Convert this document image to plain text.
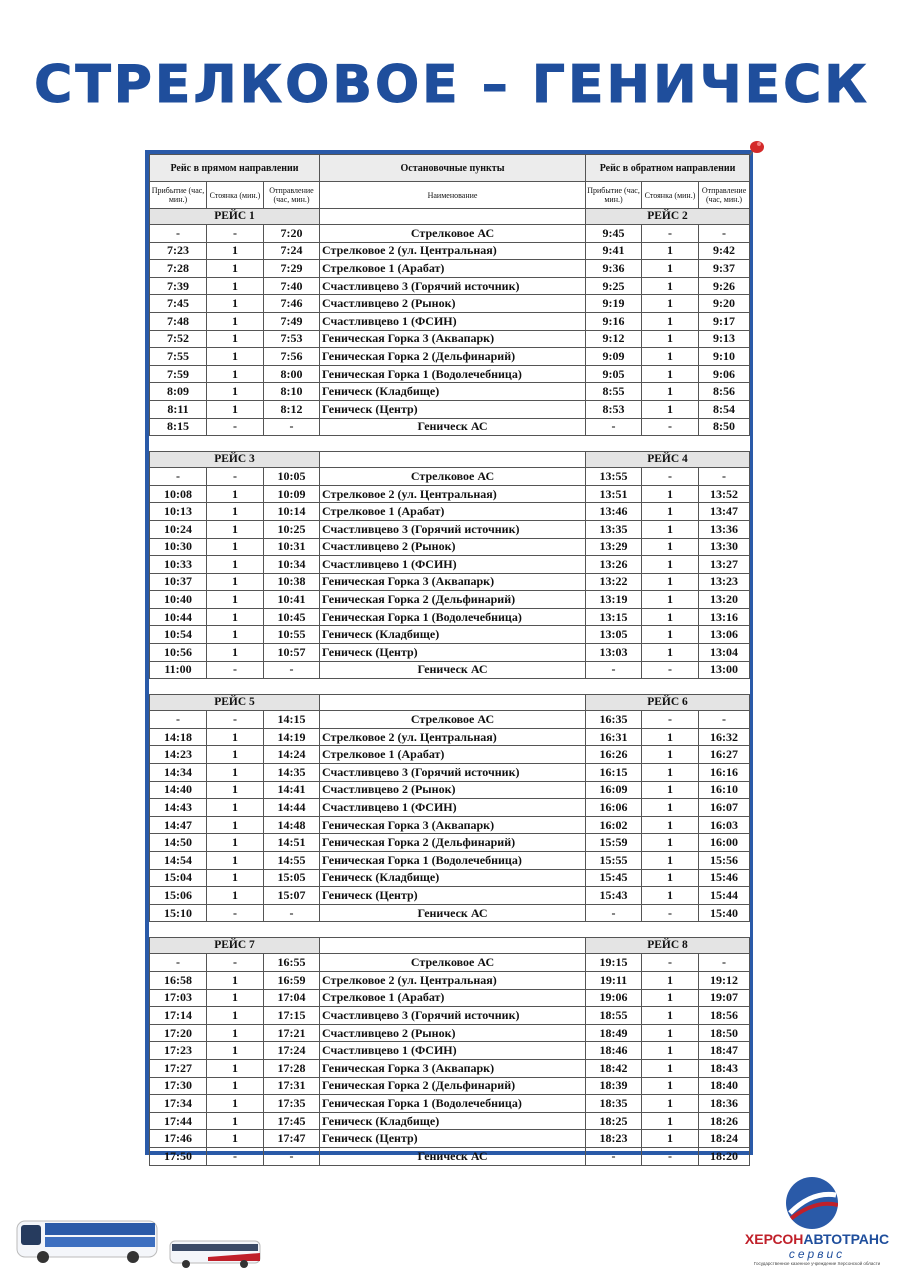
СТРЕЛКОВОЕ – ГЕНИЧЕСК
Рейс в прямом направлении			Остановочные пункты	Рейс в обратном направлении		
Прибытие (час, мин.)	Стоянка (мин.)	Отправление (час, мин.)	Наименование	Прибытие (час, мин.)	Стоянка (мин.)	Отправление (час, мин.)
РЕЙС 1				РЕЙС 2		
-	-	7:20	Стрелковое АС	9:45	-	-
7:23	1	7:24	Стрелковое 2 (ул. Центральная)	9:41	1	9:42
7:28	1	7:29	Стрелковое 1 (Арабат)	9:36	1	9:37
7:39	1	7:40	Счастливцево 3 (Горячий источник)	9:25	1	9:26
7:45	1	7:46	Счастливцево 2 (Рынок)	9:19	1	9:20
7:48	1	7:49	Счастливцево 1 (ФСИН)	9:16	1	9:17
7:52	1	7:53	Геническая Горка 3 (Аквапарк)	9:12	1	9:13
7:55	1	7:56	Геническая Горка 2 (Дельфинарий)	9:09	1	9:10
7:59	1	8:00	Геническая Горка 1 (Водолечебница)	9:05	1	9:06
8:09	1	8:10	Геническ (Кладбище)	8:55	1	8:56
8:11	1	8:12	Геническ (Центр)	8:53	1	8:54
8:15	-	-	Геническ АС	-	-	8:50

РЕЙС 3				РЕЙС 4		
-	-	10:05	Стрелковое АС	13:55	-	-
10:08	1	10:09	Стрелковое 2 (ул. Центральная)	13:51	1	13:52
10:13	1	10:14	Стрелковое 1 (Арабат)	13:46	1	13:47
10:24	1	10:25	Счастливцево 3 (Горячий источник)	13:35	1	13:36
10:30	1	10:31	Счастливцево 2 (Рынок)	13:29	1	13:30
10:33	1	10:34	Счастливцево 1 (ФСИН)	13:26	1	13:27
10:37	1	10:38	Геническая Горка 3 (Аквапарк)	13:22	1	13:23
10:40	1	10:41	Геническая Горка 2 (Дельфинарий)	13:19	1	13:20
10:44	1	10:45	Геническая Горка 1 (Водолечебница)	13:15	1	13:16
10:54	1	10:55	Геническ (Кладбище)	13:05	1	13:06
10:56	1	10:57	Геническ (Центр)	13:03	1	13:04
11:00	-	-	Геническ АС	-	-	13:00

РЕЙС 5				РЕЙС 6		
-	-	14:15	Стрелковое АС	16:35	-	-
14:18	1	14:19	Стрелковое 2 (ул. Центральная)	16:31	1	16:32
14:23	1	14:24	Стрелковое 1 (Арабат)	16:26	1	16:27
14:34	1	14:35	Счастливцево 3 (Горячий источник)	16:15	1	16:16
14:40	1	14:41	Счастливцево 2 (Рынок)	16:09	1	16:10
14:43	1	14:44	Счастливцево 1 (ФСИН)	16:06	1	16:07
14:47	1	14:48	Геническая Горка 3 (Аквапарк)	16:02	1	16:03
14:50	1	14:51	Геническая Горка 2 (Дельфинарий)	15:59	1	16:00
14:54	1	14:55	Геническая Горка 1 (Водолечебница)	15:55	1	15:56
15:04	1	15:05	Геническ (Кладбище)	15:45	1	15:46
15:06	1	15:07	Геническ (Центр)	15:43	1	15:44
15:10	-	-	Геническ АС	-	-	15:40

РЕЙС 7				РЕЙС 8		
-	-	16:55	Стрелковое АС	19:15	-	-
16:58	1	16:59	Стрелковое 2 (ул. Центральная)	19:11	1	19:12
17:03	1	17:04	Стрелковое 1 (Арабат)	19:06	1	19:07
17:14	1	17:15	Счастливцево 3 (Горячий источник)	18:55	1	18:56
17:20	1	17:21	Счастливцево 2 (Рынок)	18:49	1	18:50
17:23	1	17:24	Счастливцево 1 (ФСИН)	18:46	1	18:47
17:27	1	17:28	Геническая Горка 3 (Аквапарк)	18:42	1	18:43
17:30	1	17:31	Геническая Горка 2 (Дельфинарий)	18:39	1	18:40
17:34	1	17:35	Геническая Горка 1 (Водолечебница)	18:35	1	18:36
17:44	1	17:45	Геническ (Кладбище)	18:25	1	18:26
17:46	1	17:47	Геническ (Центр)	18:23	1	18:24
17:50	-	-	Геническ АС	-	-	18:20
ХЕРСОНАВТОТРАНС
сервис
Государственное казенное учреждение Херсонской области
